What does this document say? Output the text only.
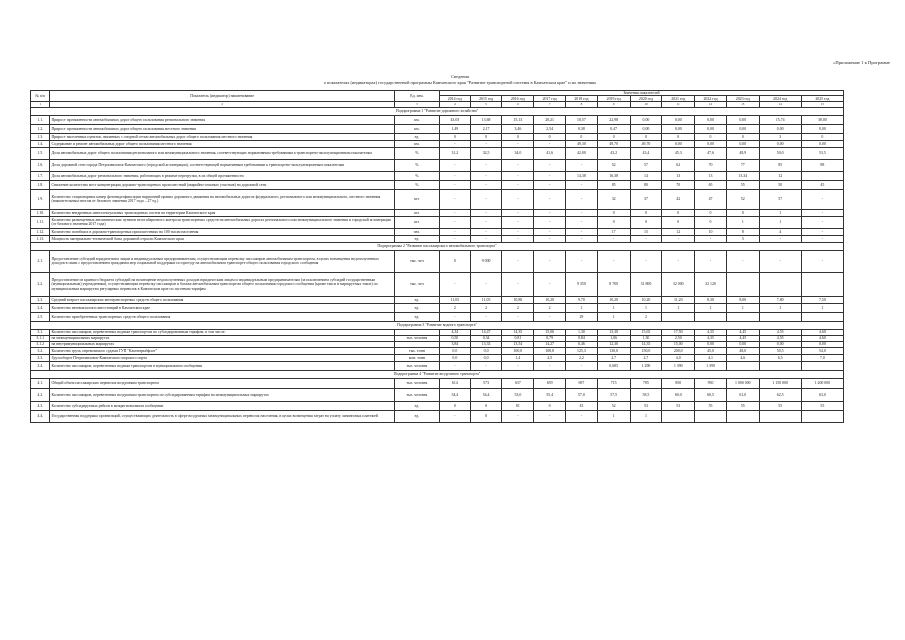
«Приложение 1 к Программе
Сведения
о показателях (индикаторах) государственной программы Камчатского края "Развитие транспортной системы в Камчатском крае" и их значениях
№ п/п	Показатель (индикатор) наименование	Ед. изм.	Значения показателей											
			2014 год	2015 год	2016 год	2017 год	2018 год	2019 год	2020 год	2021 год	2022 год	2023 год	2024 год	2025 год
1	2	3	4	5	6	7	8	9	10	11	12	13	14	15
Подпрограмма 1 "Развитие дорожного хозяйства"														
1.1.	Прирост протяженности автомобильных дорог общего пользования регионального значения	км.	43,03	13,68	15,13	20,21	10,57	22,98	0,00	0,00	0,00	0,00	15,74	38,00
1.2.	Прирост протяженности автомобильных дорог общего пользования местного значения	км.	1,49	2,17	3,46	2,54	0,38	0,47	0,00	0,00	0,00	0,00	0,00	0,00
1.3.	Прирост населенных пунктов, связанных с опорной сетью автомобильных дорог общего пользования местного значения	ед.	0	0	0	0	0	0	0	0	0	0	3	0
1.4.	Содержание и ремонт автомобильных дорог общего пользования местного значения	км.	-	-	-	-	49,30	49,70	49,70	0,00	0,00	0,00	0,00	0,00
1.5.	Доля автомобильных дорог общего пользования регионального или межмуниципального значения, соответствующих нормативным требованиям к транспортно-эксплуатационным показателям	%	31,2	32,5	34,0	41,6	42,00	43,2	43,4	45,3	47,6	48,9	50,0	53,5
1.6.	Доля дорожной сети города Петропавловск-Камчатского (городской агломерации), соответствующей нормативным требованиям к транспортно-эксплуатационным показателям	%	-	-	-	-	-	52	57	62	70	77	85	88
1.7.	Доля автомобильных дорог регионального значения, работающих в режиме перегрузки, в их общей протяженности	%	-	-	-	-	14,38	16,38	14	13	13	13,34	12	
1.8.	Снижение количества мест концентрации дорожно-транспортных происшествий (аварийно-опасных участков) на дорожной сети	%	-	-	-	-	-	85	80	70	65	55	50	45
1.9.	Количество стационарных камер фотовидеофиксации нарушений правил дорожного движения на автомобильных дорогах федерального, регионального или межмуниципального, местного значения (накопительным итогом от базового значения 2017 года – 27 ед.)	шт.	-	-	-	-	-	32	37	42	47	52	57	-
1.10.	Количество внедренных интеллектуальных транспортных систем на территории Камчатского края	шт.	-	-	-	-	-	0	0	0	0	0	1	-
1.11.	Количество размещенных автоматических пунктов весогабаритного контроля транспортных средств на автомобильных дорогах регионального или межмуниципального значения и городской агломерации (от базового значения 2017 года)	шт.	-	-	-	-	-	0	0	0	0	1	1	-
1.12.	Количество погибших в дорожно-транспортных происшествиях на 100 тысяч населения	чел.	-	-	-	-	-	17	15	12	10	8	4	-
1.13.	Мощность материально-технической базы дорожной отрасли Камчатского края	ед.	-	-	-	-	-	-	-	-	-	5	-	-
Подпрограмма 2 "Развитие пассажирского автомобильного транспорта"														
2.1.	Предоставление субсидий юридическим лицам и индивидуальным предпринимателям, осуществляющим перевозку пассажиров автомобильным транспортом, в целях возмещения недополученных доходов в связи с предоставлением гражданам мер социальной поддержки по проезду на автомобильном транспорте общего пользования городского сообщения	тыс. чел	0	9 000	-	-	-	-	-	-	-	-	-	-
2.2.	Предоставление из краевого бюджета субсидий на возмещение недополученных доходов юридическим лицам и индивидуальным предпринимателям (за исключением субсидий государственным (муниципальным) учреждениям), осуществляющим перевозку пассажиров и багажа автомобильным транспортом общего пользования городского сообщения (кроме такси и маршрутных такси) по муниципальным маршрутам регулярных перевозок в Камчатском крае по льготным тарифам	тыс. чел	-	-	-	-	9 350	8 700	31 800	32 000	32 120			
2.3.	Средний возраст пассажирских автотранспортных средств общего пользования	ед.	11,05	11,05	10,80	10,20	9,70	10,20	10,20	11,20	8,30	8,00	7,80	7,50
2.4.	Количество автовокзалов и автостанций в Камчатском крае	ед.	2	2	2	2	1	1	1	1	1	1	1	1
2.5.	Количество приобретенных транспортных средств общего пользования	ед.	-	-	-	-	29	1	2					
Подпрограмма 3 "Развитие водного транспорта"														
3.1.	Количество пассажиров, перевезенных водным транспортом по субсидированным тарифам, в том числе:		4,34	14,47	14,35	15,06	1,30	13,30	15,65	17,50	4,35	4,45	4,55	4,60
3.1.1	на межмуниципальных маршрутах	тыс. человек	0,50	0,34	0,81	0,79	0,84	1,06	1,30	2,50	4,35	4,45	4,55	4,60
3.1.2	на внутримуниципальных маршрутах		3,84	13,33	13,54	14,27	0,46	12,30	14,35	15,00	0,00	0,00	0,00	0,00
3.2.	Количество груза, перевозимого судами ГУП "Камчатрыбфлот"	тыс. тонн	0,0	0,0	100,0	108,8	125,3	130,0	150,0	200,0	45,0	48,0	50,5	54,0
3.3.	Грузооборот Петропавловск-Камчатского морского порта	млн. тонн	0,0	0,0	1,4	2,5	2,2	2,7	2,7	4,0	4,1	4,6	6,5	7,0
3.4.	Количество пассажиров, перевезенных водным транспортом в муниципальном сообщении	тыс. человек	-	-	-	-	-	0,685	1 290	1 390	1 390			
Подпрограмма 4 "Развитие воздушного транспорта"														
4.1.	Общий объем пассажирских перевозок воздушным транспортом	тыс. человек	614	573	637	659	697	715	705	850	950	1 000 000	1 150 000	1 200 000
4.2.	Количество пассажиров, перевезенных воздушным транспортом по субсидированным тарифам на межмуниципальных маршрутах	тыс. человек	54,4	54,4	53,0	55,4	57,0	57,5	58,5	60,0	60,5	61,0	62,5	63,0
4.3.	Количество субсидируемых рейсов в межрегиональном сообщении	ед.	0	0	81	0	43	52	53	53	55	55	55	55
4.4.	Государственная поддержка организаций, осуществляющих деятельность в сфере воздушных межмуниципальных перевозок населения, в целях возмещения затрат на уплату лизинговых платежей	ед.	-	0	-	-	-	1	1					
